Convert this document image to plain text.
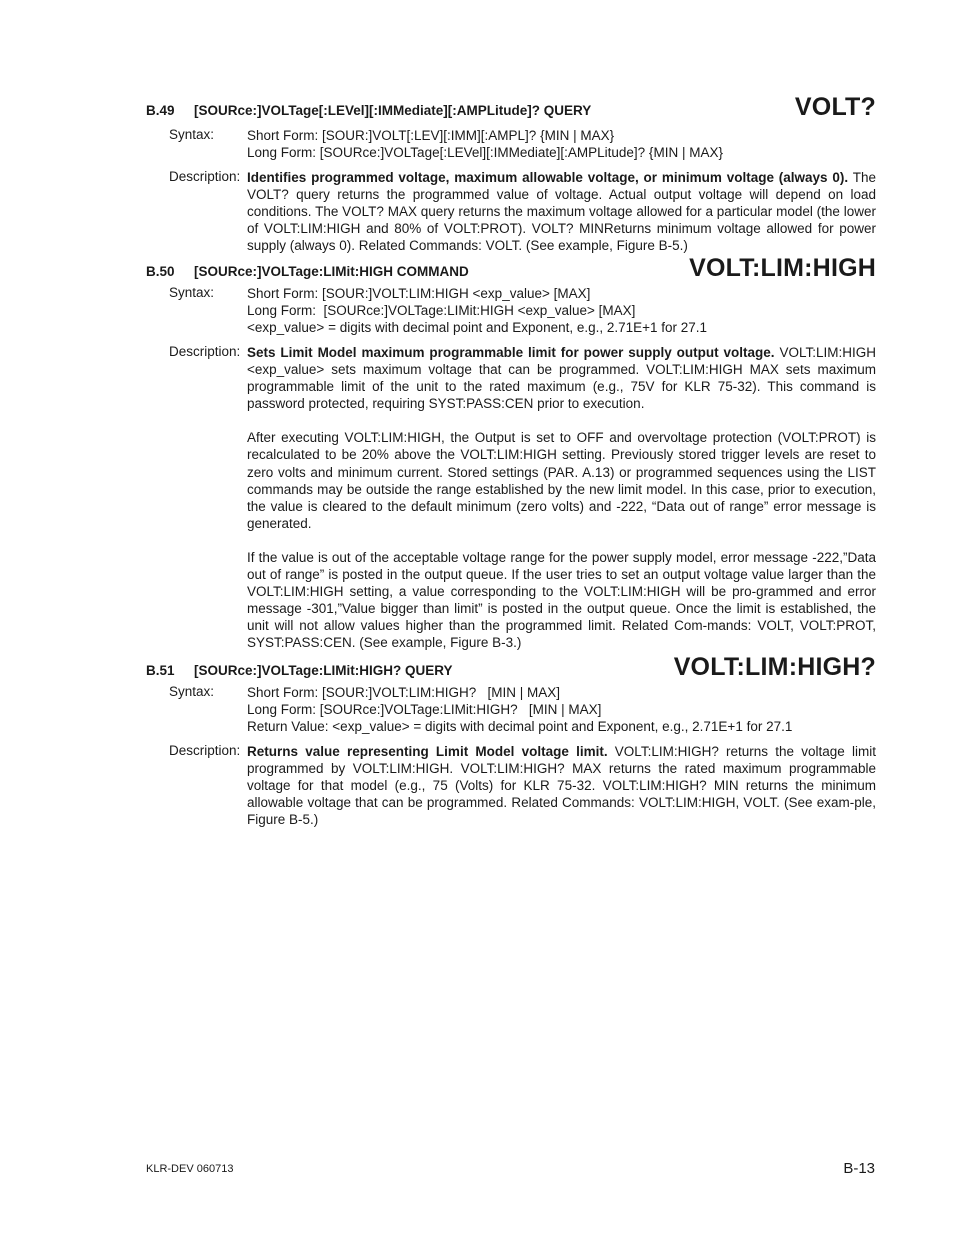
B.49 [SOURce:]VOLTage[:LEVel][:IMMediate][:AMPLitude]? QUERY	VOLT?
Syntax: Short Form: [SOUR:]VOLT[:LEV][:IMM][:AMPL]? {MIN | MAX}
Long Form: [SOURce:]VOLTage[:LEVel][:IMMediate][:AMPLitude]? {MIN | MAX}
Description: Identifies programmed voltage, maximum allowable voltage, or minimum voltage (always 0). The VOLT? query returns the programmed value of voltage. Actual output voltage will depend on load conditions. The VOLT? MAX query returns the maximum voltage allowed for a particular model (the lower of VOLT:LIM:HIGH and 80% of VOLT:PROT). VOLT? MINReturns minimum voltage allowed for power supply (always 0). Related Commands: VOLT. (See example, Figure B-5.)
B.50 [SOURce:]VOLTage:LIMit:HIGH COMMAND	VOLT:LIM:HIGH
Syntax: Short Form: [SOUR:]VOLT:LIM:HIGH <exp_value> [MAX]
Long Form:  [SOURce:]VOLTage:LIMit:HIGH <exp_value> [MAX]
<exp_value> = digits with decimal point and Exponent, e.g., 2.71E+1 for 27.1
Description: Sets Limit Model maximum programmable limit for power supply output voltage. VOLT:LIM:HIGH <exp_value> sets maximum voltage that can be programmed. VOLT:LIM:HIGH MAX sets maximum programmable limit of the unit to the rated maximum (e.g., 75V for KLR 75-32). This command is password protected, requiring SYST:PASS:CEN prior to execution.
After executing VOLT:LIM:HIGH, the Output is set to OFF and overvoltage protection (VOLT:PROT) is recalculated to be 20% above the VOLT:LIM:HIGH setting. Previously stored trigger levels are reset to zero volts and minimum current. Stored settings (PAR. A.13) or programmed sequences using the LIST commands may be outside the range established by the new limit model. In this case, prior to execution, the value is cleared to the default minimum (zero volts) and -222, “Data out of range” error message is generated.
If the value is out of the acceptable voltage range for the power supply model, error message -222,”Data out of range” is posted in the output queue. If the user tries to set an output voltage value larger than the VOLT:LIM:HIGH setting, a value corresponding to the VOLT:LIM:HIGH will be pro-grammed and error message -301,”Value bigger than limit” is posted in the output queue. Once the limit is established, the unit will not allow values higher than the programmed limit. Related Com-mands: VOLT, VOLT:PROT, SYST:PASS:CEN. (See example, Figure B-3.)
B.51 [SOURce:]VOLTage:LIMit:HIGH? QUERY	VOLT:LIM:HIGH?
Syntax: Short Form: [SOUR:]VOLT:LIM:HIGH?   [MIN | MAX]
Long Form: [SOURce:]VOLTage:LIMit:HIGH?   [MIN | MAX]
Return Value: <exp_value> = digits with decimal point and Exponent, e.g., 2.71E+1 for 27.1
Description: Returns value representing Limit Model voltage limit. VOLT:LIM:HIGH? returns the voltage limit programmed by VOLT:LIM:HIGH. VOLT:LIM:HIGH? MAX returns the rated maximum programmable voltage for that model (e.g., 75 (Volts) for KLR 75-32. VOLT:LIM:HIGH? MIN returns the minimum allowable voltage that can be programmed. Related Commands: VOLT:LIM:HIGH, VOLT. (See exam-ple, Figure B-5.)
KLR-DEV 060713	B-13
